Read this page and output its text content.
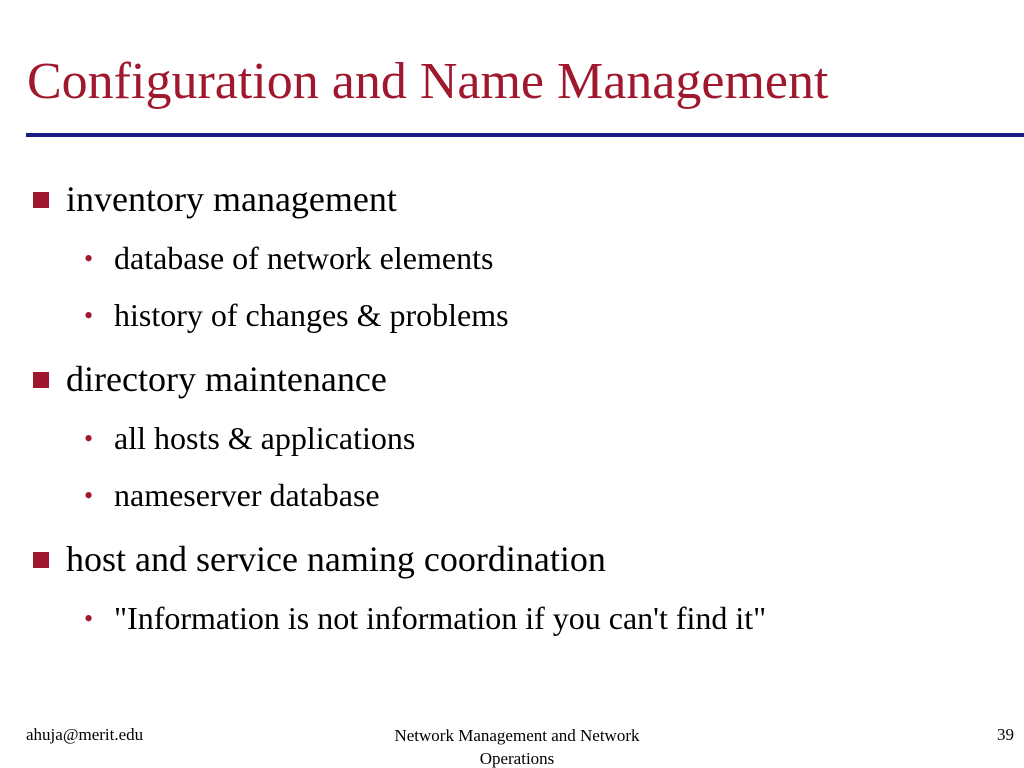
Configuration and Name Management
inventory management
• database of network elements
• history of changes & problems
directory maintenance
• all hosts & applications
• nameserver database
host and service naming coordination
• "Information is not information if you can't find it"
ahuja@merit.edu	Network Management and Network Operations
39
